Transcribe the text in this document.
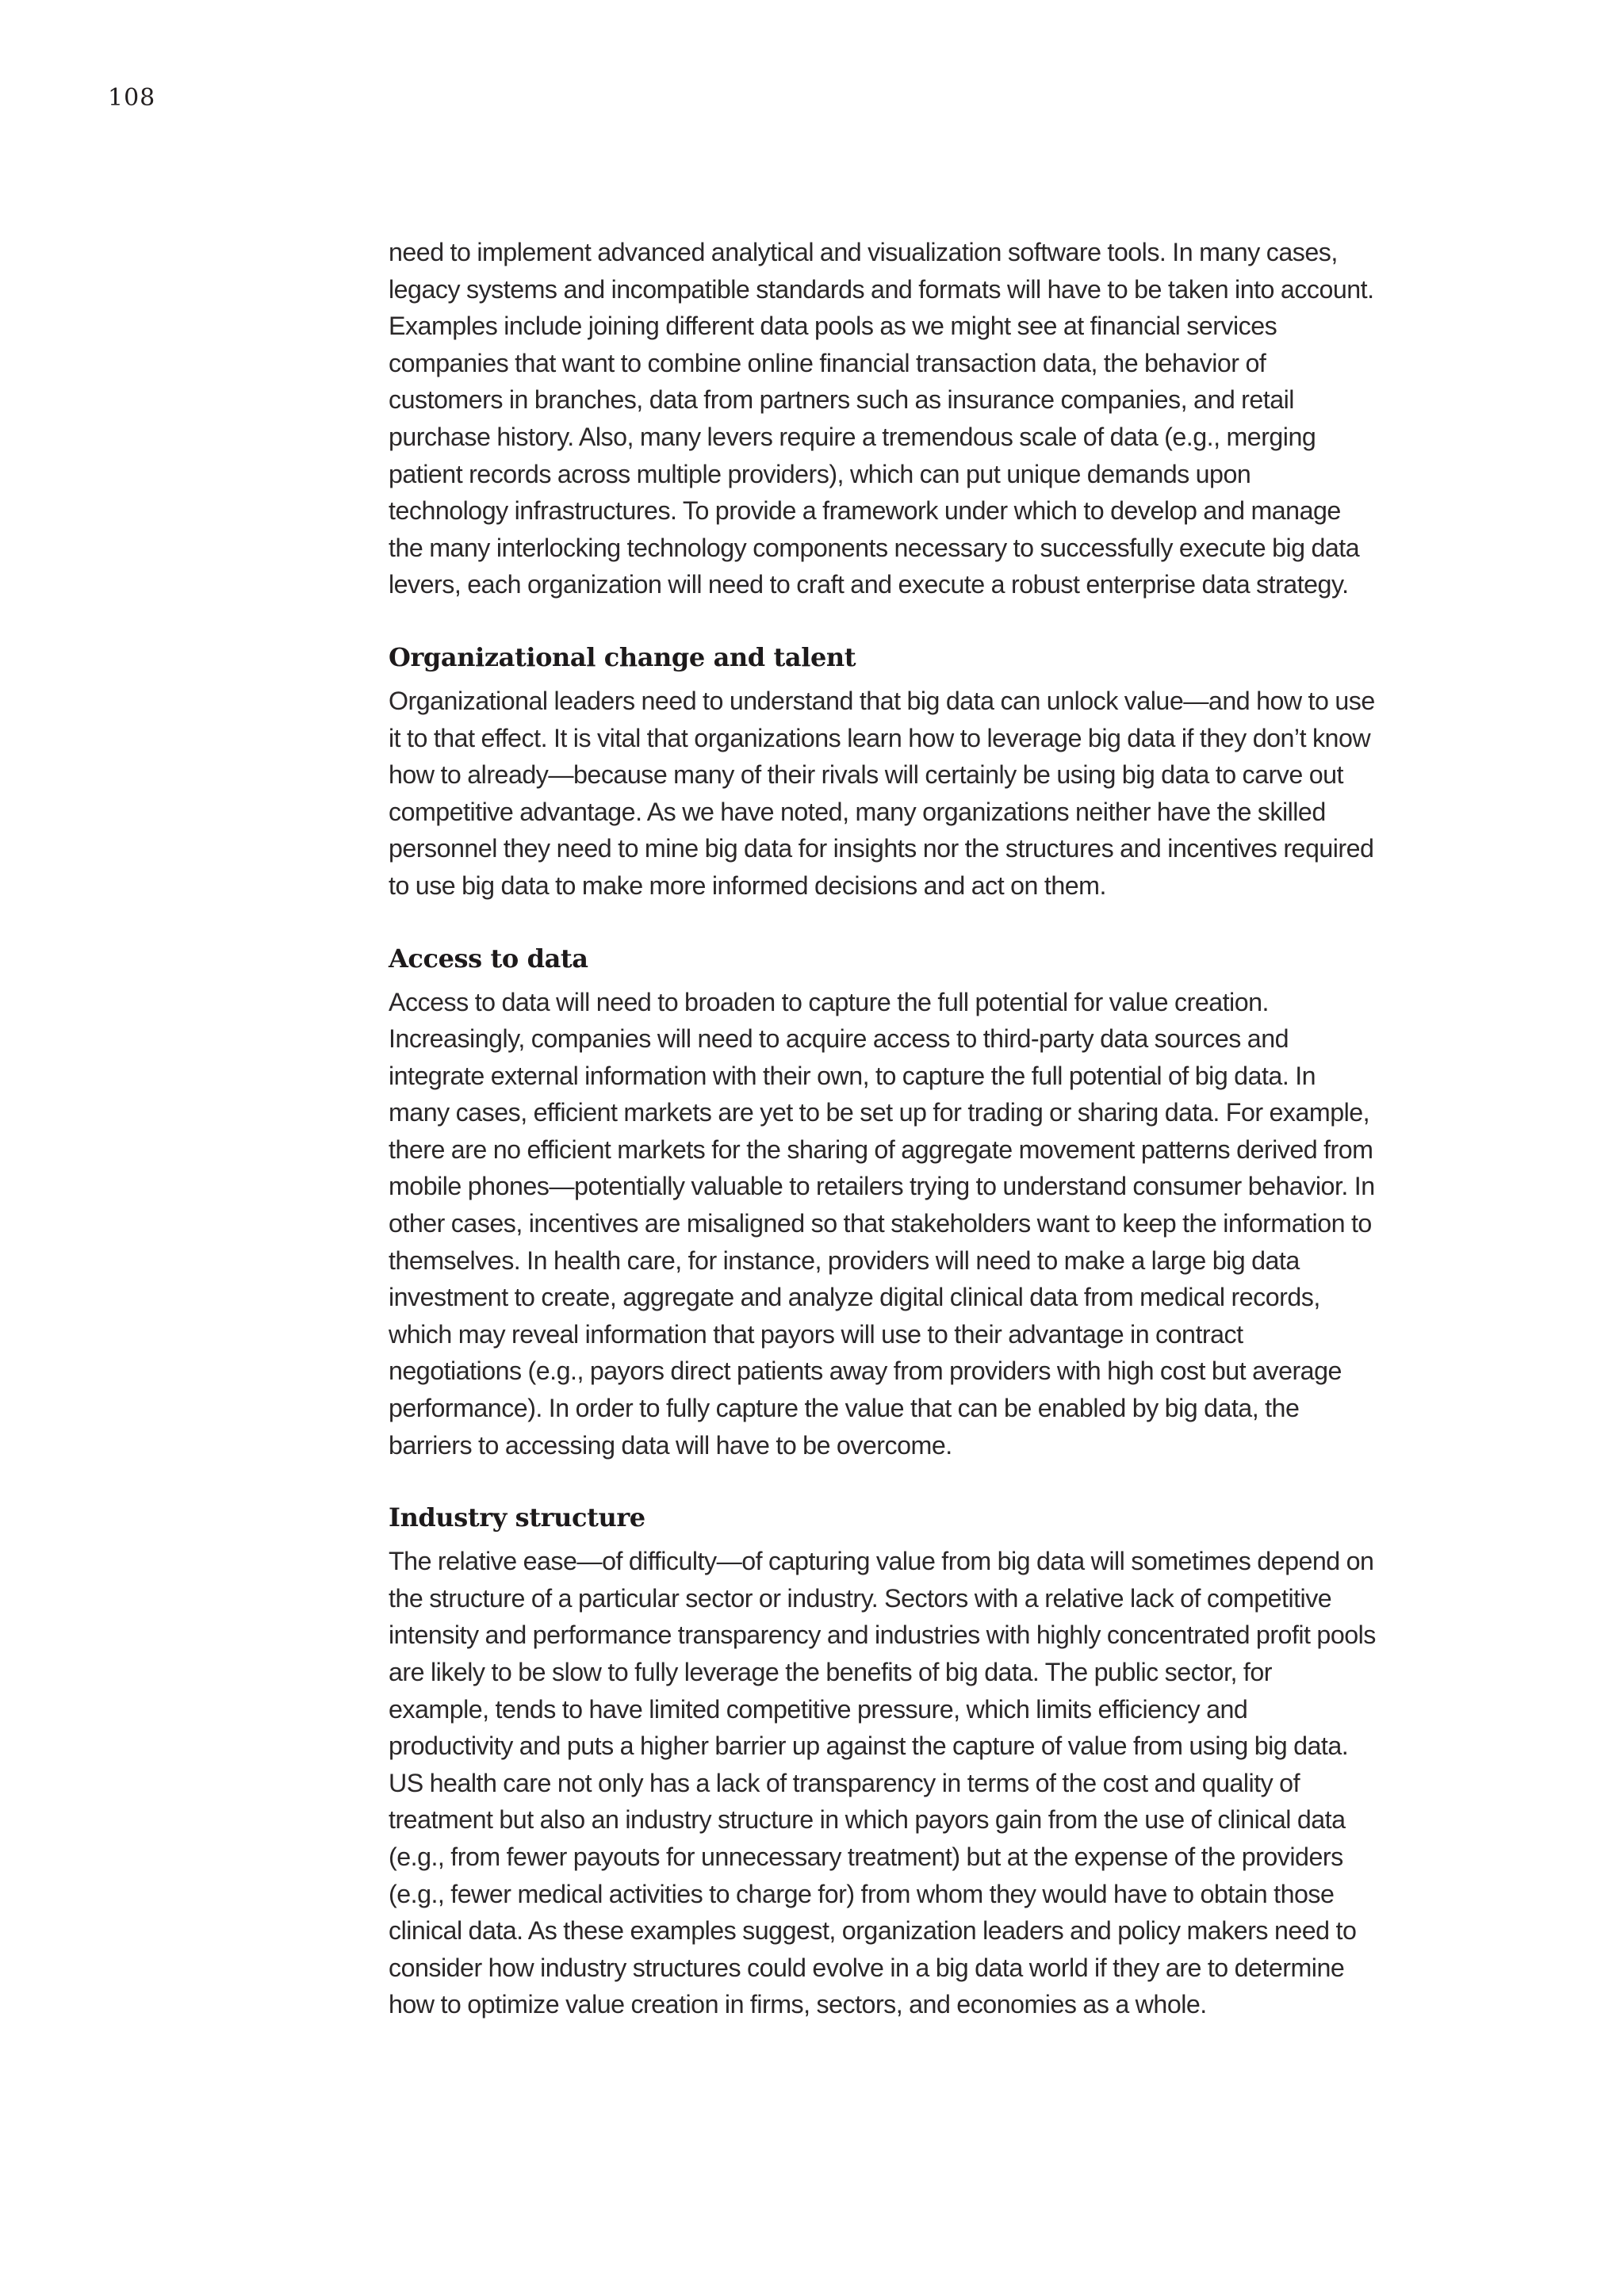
108

need to implement advanced analytical and visualization software tools. In many cases, legacy systems and incompatible standards and formats will have to be taken into account. Examples include joining different data pools as we might see at financial services companies that want to combine online financial transaction data, the behavior of customers in branches, data from partners such as insurance companies, and retail purchase history. Also, many levers require a tremendous scale of data (e.g., merging patient records across multiple providers), which can put unique demands upon technology infrastructures. To provide a framework under which to develop and manage the many interlocking technology components necessary to successfully execute big data levers, each organization will need to craft and execute a robust enterprise data strategy.

Organizational change and talent

Organizational leaders need to understand that big data can unlock value—and how to use it to that effect. It is vital that organizations learn how to leverage big data if they don’t know how to already—because many of their rivals will certainly be using big data to carve out competitive advantage. As we have noted, many organizations neither have the skilled personnel they need to mine big data for insights nor the structures and incentives required to use big data to make more informed decisions and act on them.

Access to data

Access to data will need to broaden to capture the full potential for value creation. Increasingly, companies will need to acquire access to third-party data sources and integrate external information with their own, to capture the full potential of big data. In many cases, efficient markets are yet to be set up for trading or sharing data. For example, there are no efficient markets for the sharing of aggregate movement patterns derived from mobile phones—potentially valuable to retailers trying to understand consumer behavior. In other cases, incentives are misaligned so that stakeholders want to keep the information to themselves. In health care, for instance, providers will need to make a large big data investment to create, aggregate and analyze digital clinical data from medical records, which may reveal information that payors will use to their advantage in contract negotiations (e.g., payors direct patients away from providers with high cost but average performance). In order to fully capture the value that can be enabled by big data, the barriers to accessing data will have to be overcome.

Industry structure

The relative ease—of difficulty—of capturing value from big data will sometimes depend on the structure of a particular sector or industry. Sectors with a relative lack of competitive intensity and performance transparency and industries with highly concentrated profit pools are likely to be slow to fully leverage the benefits of big data. The public sector, for example, tends to have limited competitive pressure, which limits efficiency and productivity and puts a higher barrier up against the capture of value from using big data. US health care not only has a lack of transparency in terms of the cost and quality of treatment but also an industry structure in which payors gain from the use of clinical data (e.g., from fewer payouts for unnecessary treatment) but at the expense of the providers (e.g., fewer medical activities to charge for) from whom they would have to obtain those clinical data. As these examples suggest, organization leaders and policy makers need to consider how industry structures could evolve in a big data world if they are to determine how to optimize value creation in firms, sectors, and economies as a whole.
